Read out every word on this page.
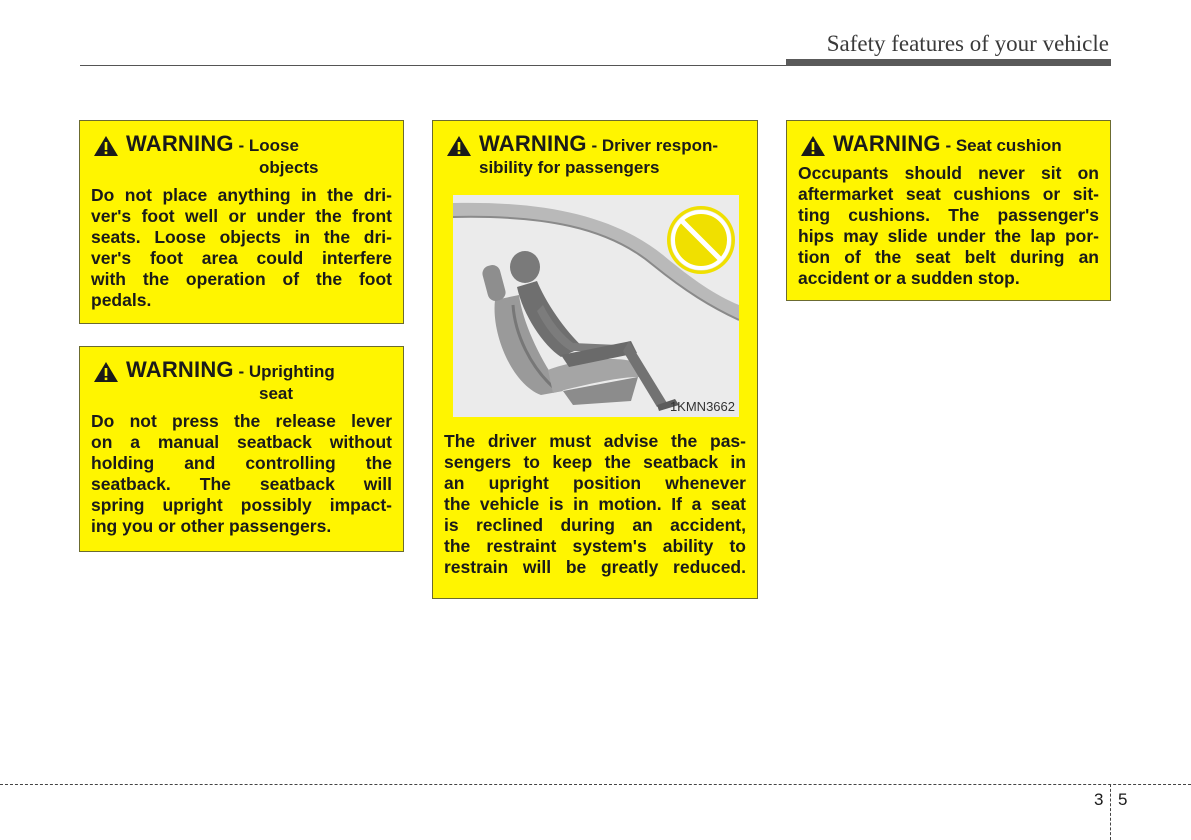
Safety features of your vehicle
WARNING - Loose
objects
Do not place anything in the dri-
ver's foot well or under the front
seats. Loose objects in the dri-
ver's foot area could interfere
with the operation of the foot
pedals.
WARNING - Uprighting
seat
Do not press the release lever
on a manual seatback without
holding and controlling the
seatback. The seatback will
spring upright possibly impact-
ing you or other passengers.
WARNING - Driver respon-
sibility for passengers
1KMN3662
The driver must advise the pas-
sengers to keep the seatback in
an upright position whenever
the vehicle is in motion. If a seat
is reclined during an accident,
the restraint system's ability to
restrain will be greatly reduced.
WARNING - Seat cushion
Occupants should never sit on
aftermarket seat cushions or sit-
ting cushions. The passenger's
hips may slide under the lap por-
tion of the seat belt during an
accident or a sudden stop.
3 5
